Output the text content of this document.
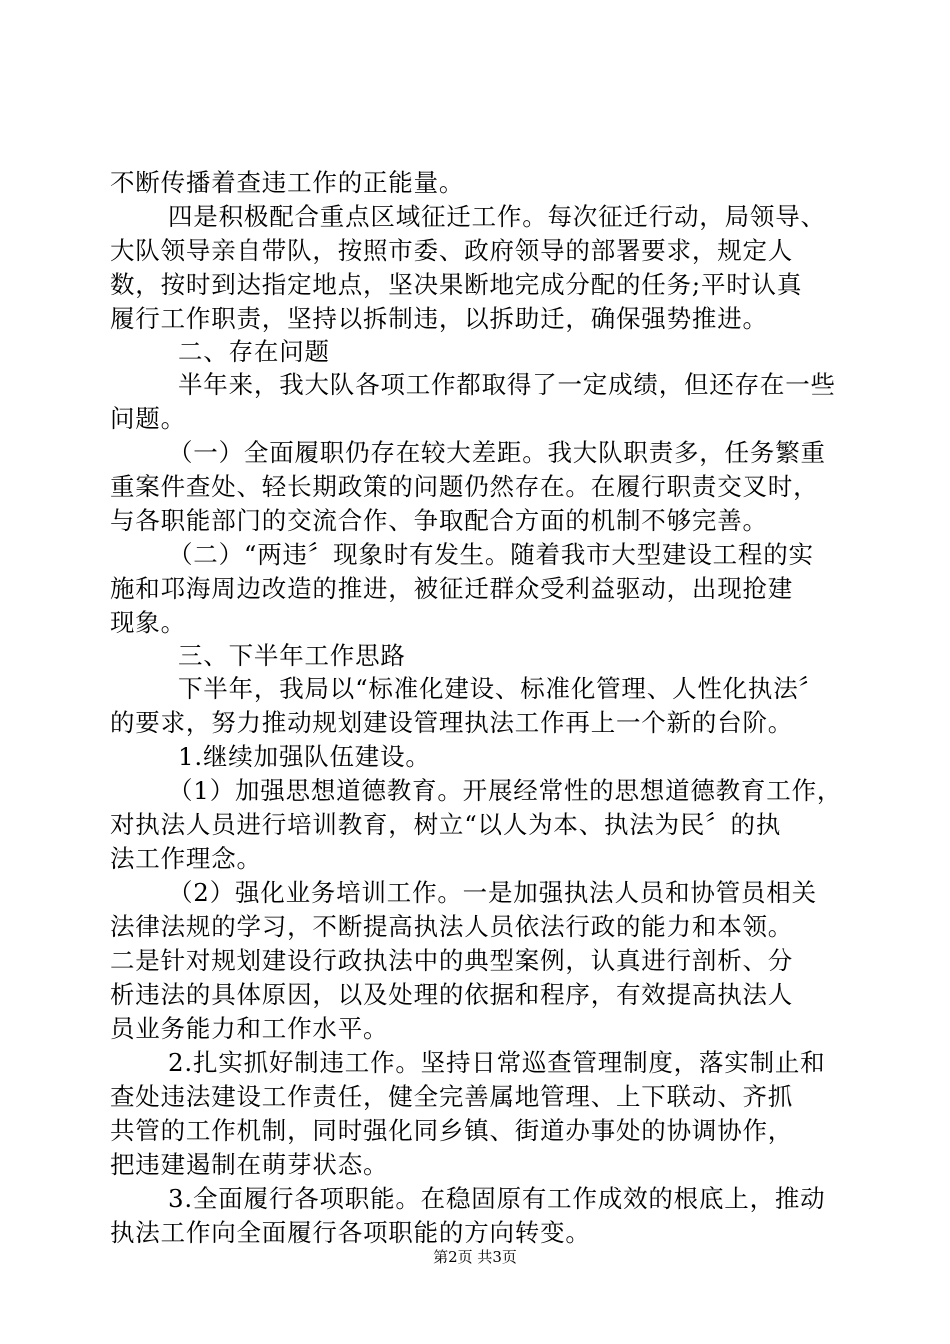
不断传播着查违工作的正能量。
四是积极配合重点区域征迁工作。每次征迁行动，局领导、
大队领导亲自带队，按照市委、政府领导的部署要求，规定人
数，按时到达指定地点，坚决果断地完成分配的任务;平时认真
履行工作职责，坚持以拆制违，以拆助迁，确保强势推进。
二、存在问题
半年来，我大队各项工作都取得了一定成绩，但还存在一些
问题。
（一）全面履职仍存在较大差距。我大队职责多，任务繁重
重案件查处、轻长期政策的问题仍然存在。在履行职责交叉时，
与各职能部门的交流合作、争取配合方面的机制不够完善。
（二）“两违〞现象时有发生。随着我市大型建设工程的实
施和邛海周边改造的推进，被征迁群众受利益驱动，出现抢建
现象。
三、下半年工作思路
下半年，我局以“标准化建设、标准化管理、人性化执法〞
的要求，努力推动规划建设管理执法工作再上一个新的台阶。
1.继续加强队伍建设。
（1）加强思想道德教育。开展经常性的思想道德教育工作，
对执法人员进行培训教育，树立“以人为本、执法为民〞的执
法工作理念。
（2）强化业务培训工作。一是加强执法人员和协管员相关
法律法规的学习，不断提高执法人员依法行政的能力和本领。
二是针对规划建设行政执法中的典型案例，认真进行剖析、分
析违法的具体原因，以及处理的依据和程序，有效提高执法人
员业务能力和工作水平。
2.扎实抓好制违工作。坚持日常巡查管理制度，落实制止和
查处违法建设工作责任，健全完善属地管理、上下联动、齐抓
共管的工作机制，同时强化同乡镇、街道办事处的协调协作，
把违建遏制在萌芽状态。
3.全面履行各项职能。在稳固原有工作成效的根底上，推动
执法工作向全面履行各项职能的方向转变。
第2页 共3页
